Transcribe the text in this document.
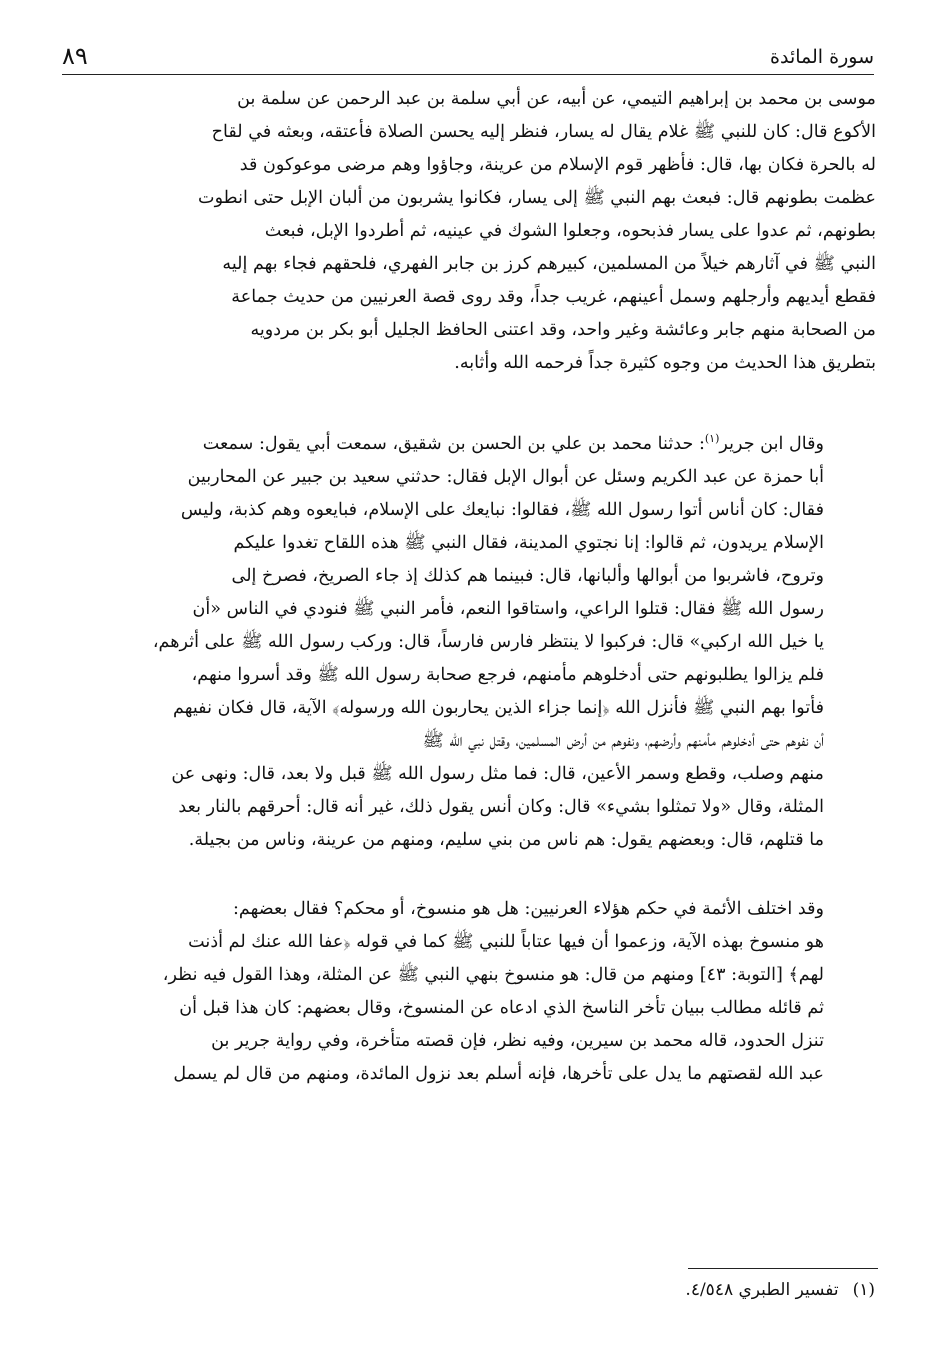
سورة المائدة
٨٩

موسى بن محمد بن إبراهيم التيمي، عن أبيه، عن أبي سلمة بن عبد الرحمن عن سلمة بن
الأكوع قال: كان للنبي ﷺ غلام يقال له يسار، فنظر إليه يحسن الصلاة فأعتقه، وبعثه في لقاح
له بالحرة فكان بها، قال: فأظهر قوم الإسلام من عرينة، وجاؤوا وهم مرضى موعوكون قد
عظمت بطونهم قال: فبعث بهم النبي ﷺ إلى يسار، فكانوا يشربون من ألبان الإبل حتى انطوت
بطونهم، ثم عدوا على يسار فذبحوه، وجعلوا الشوك في عينيه، ثم أطردوا الإبل، فبعث
النبي ﷺ في آثارهم خيلاً من المسلمين، كبيرهم كرز بن جابر الفهري، فلحقهم فجاء بهم إليه
فقطع أيديهم وأرجلهم وسمل أعينهم، غريب جداً، وقد روى قصة العرنيين من حديث جماعة
من الصحابة منهم جابر وعائشة وغير واحد، وقد اعتنى الحافظ الجليل أبو بكر بن مردويه
بتطريق هذا الحديث من وجوه كثيرة جداً فرحمه الله وأثابه.

وقال ابن جرير$^{(١)}$: حدثنا محمد بن علي بن الحسن بن شقيق، سمعت أبي يقول: سمعت
أبا حمزة عن عبد الكريم وسئل عن أبوال الإبل فقال: حدثني سعيد بن جبير عن المحاربين
فقال: كان أناس أتوا رسول الله ﷺ، فقالوا: نبايعك على الإسلام، فبايعوه وهم كذبة، وليس
الإسلام يريدون، ثم قالوا: إنا نجتوي المدينة، فقال النبي ﷺ هذه اللقاح تغدوا عليكم
وتروح، فاشربوا من أبوالها وألبانها، قال: فبينما هم كذلك إذ جاء الصريخ، فصرخ إلى
رسول الله ﷺ فقال: قتلوا الراعي، واستاقوا النعم، فأمر النبي ﷺ فنودي في الناس «أن
يا خيل الله اركبي» قال: فركبوا لا ينتظر فارس فارساً، قال: وركب رسول الله ﷺ على أثرهم،
فلم يزالوا يطلبونهم حتى أدخلوهم مأمنهم، فرجع صحابة رسول الله ﷺ وقد أسروا منهم،
فأتوا بهم النبي ﷺ فأنزل الله ﴿إنما جزاء الذين يحاربون الله ورسوله﴾ الآية، قال فكان نفيهم
أن نفوهم حتى أدخلوهم مأمنهم وأرضهم، ونفوهم من أرض المسلمين، وقتل نبي الله ﷺ
منهم وصلب، وقطع وسمر الأعين، قال: فما مثل رسول الله ﷺ قبل ولا بعد، قال: ونهى عن
المثلة، وقال «ولا تمثلوا بشيء» قال: وكان أنس يقول ذلك، غير أنه قال: أحرقهم بالنار بعد
ما قتلهم، قال: وبعضهم يقول: هم ناس من بني سليم، ومنهم من عرينة، وناس من بجيلة.

وقد اختلف الأئمة في حكم هؤلاء العرنيين: هل هو منسوخ، أو محكم؟ فقال بعضهم:
هو منسوخ بهذه الآية، وزعموا أن فيها عتاباً للنبي ﷺ كما في قوله ﴿عفا الله عنك لم أذنت
لهم﴾ [التوبة: ٤٣] ومنهم من قال: هو منسوخ بنهي النبي ﷺ عن المثلة، وهذا القول فيه نظر،
ثم قائله مطالب ببيان تأخر الناسخ الذي ادعاه عن المنسوخ، وقال بعضهم: كان هذا قبل أن
تنزل الحدود، قاله محمد بن سيرين، وفيه نظر، فإن قصته متأخرة، وفي رواية جرير بن
عبد الله لقصتهم ما يدل على تأخرها، فإنه أسلم بعد نزول المائدة، ومنهم من قال لم يسمل

(١)تفسير الطبري ٤/٥٤٨.
